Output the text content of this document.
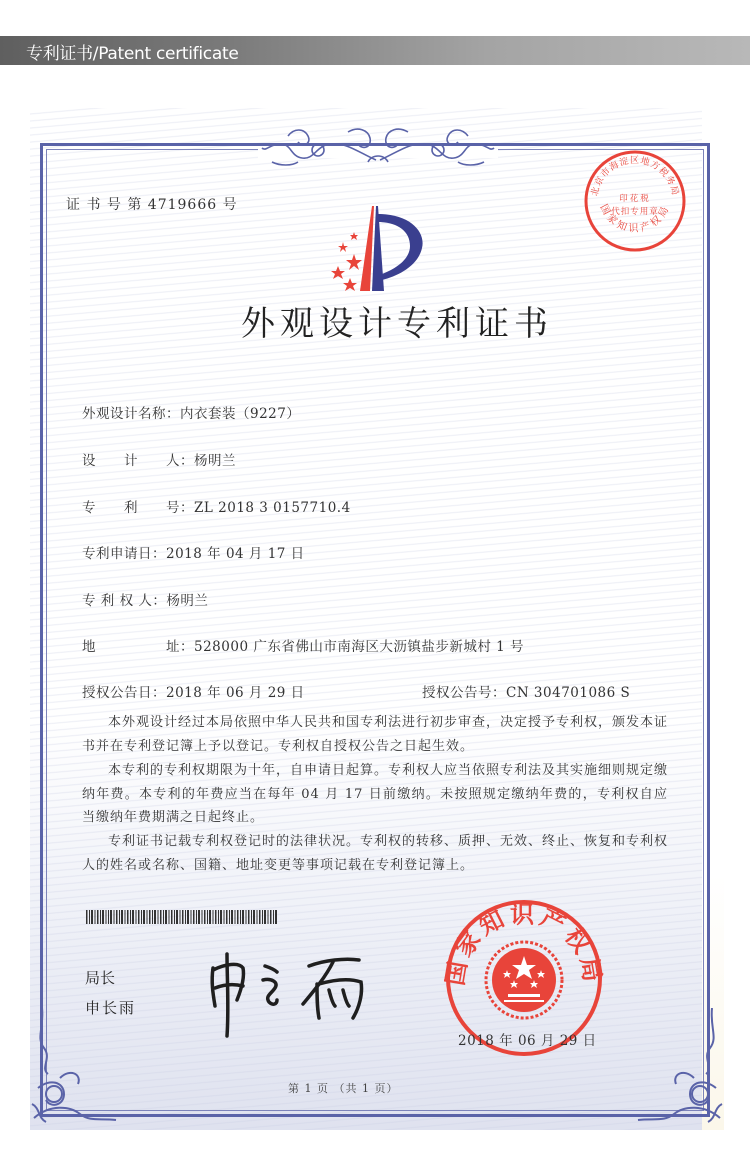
专利证书/Patent certificate
证 书 号 第 4719666 号
北京市海淀区地方税务局
国家知识产权局
印花税
代扣专用章
外观设计专利证书
外观设计名称：内衣套装（9227）
设　　计　　人：杨明兰
专　　利　　号：ZL 2018 3 0157710.4
专利申请日：2018 年 04 月 17 日
专 利 权 人：杨明兰
地　　　　　址：528000 广东省佛山市南海区大沥镇盐步新城村 1 号
授权公告日：2018 年 06 月 29 日	授权公告号：CN 304701086 S
本外观设计经过本局依照中华人民共和国专利法进行初步审查，决定授予专利权，颁发本证书并在专利登记簿上予以登记。专利权自授权公告之日起生效。
本专利的专利权期限为十年，自申请日起算。专利权人应当依照专利法及其实施细则规定缴纳年费。本专利的年费应当在每年 04 月 17 日前缴纳。未按照规定缴纳年费的，专利权自应当缴纳年费期满之日起终止。
专利证书记载专利权登记时的法律状况。专利权的转移、质押、无效、终止、恢复和专利权人的姓名或名称、国籍、地址变更等事项记载在专利登记簿上。
局长
申长雨
国家知识产权局
2018 年 06 月 29 日
第 1 页 （共 1 页）
